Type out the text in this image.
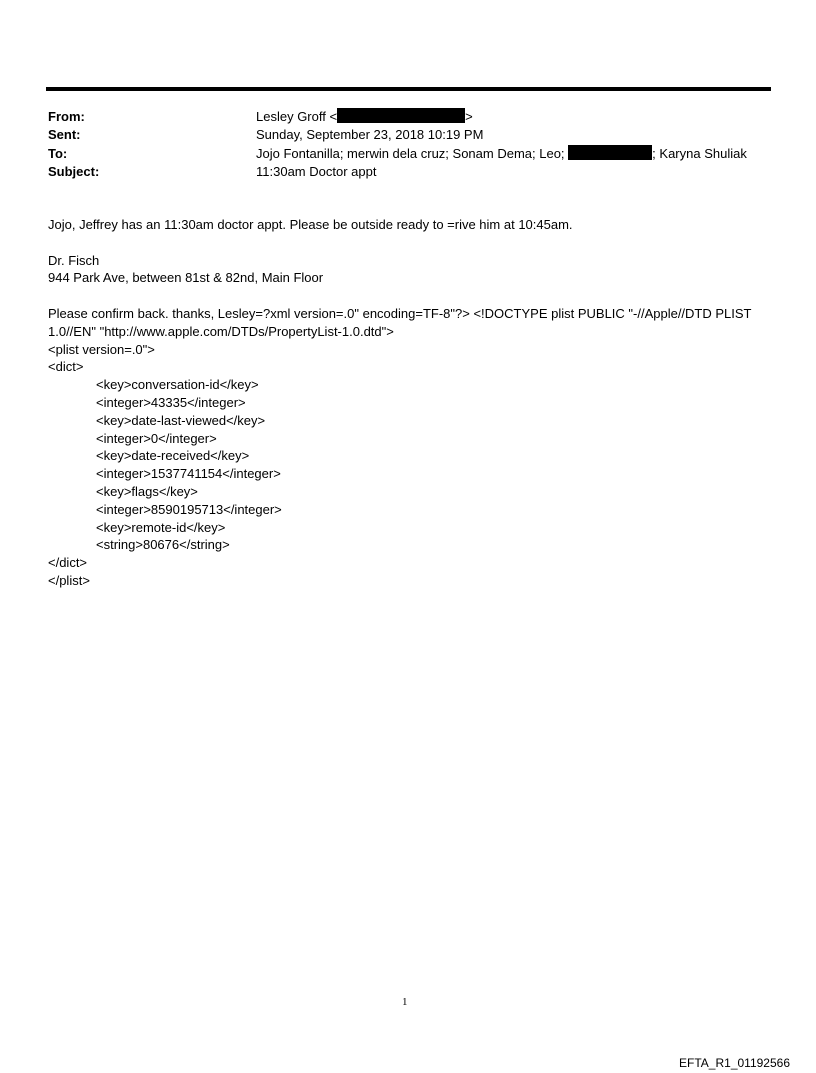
From:	Lesley Groff <	>
Sent:	Sunday, September 23, 2018 10:19 PM
To:	Jojo Fontanilla; merwin dela cruz; Sonam Dema; Leo;	; Karyna Shuliak
Subject:	11:30am Doctor appt

Jojo, Jeffrey has an 11:30am doctor appt. Please be outside ready to =rive him at 10:45am.

Dr. Fisch

944 Park Ave, between 81st & 82nd, Main Floor

Please confirm back. thanks, Lesley=?xml version=.0" encoding=TF-8"?> <!DOCTYPE plist PUBLIC "-//Apple//DTD PLIST

1.0//EN" "http://www.apple.com/DTDs/PropertyList-1.0.dtd">

<plist version=.0">

<dict>

<key>conversation-id</key>

<integer>43335</integer>

<key>date-last-viewed</key>

<integer>0</integer>

<key>date-received</key>

<integer>1537741154</integer>

<key>flags</key>

<integer>8590195713</integer>

<key>remote-id</key>

<string>80676</string>

</dict>

</plist>

1
EFTA_R1_01192566
